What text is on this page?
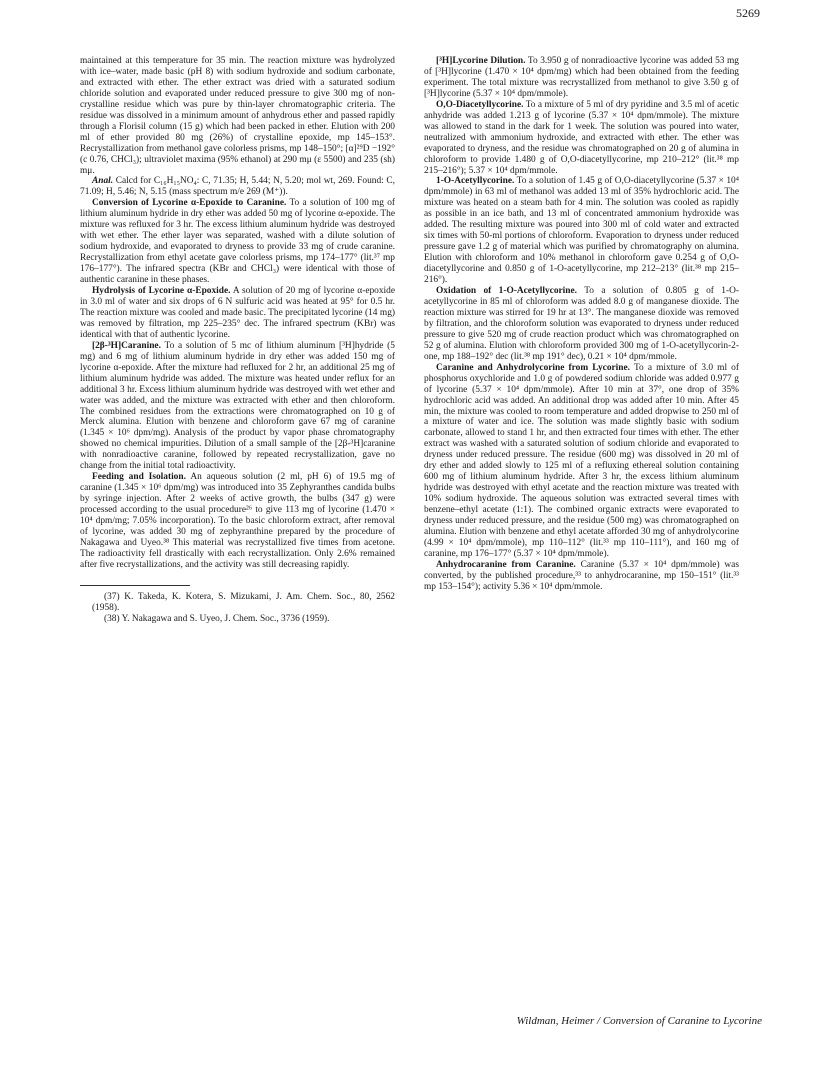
5269

maintained at this temperature for 35 min. The reaction mixture was hydrolyzed with ice–water, made basic (pH 8) with sodium hydroxide and sodium carbonate, and extracted with ether. The ether extract was dried with a saturated sodium chloride solution and evaporated under reduced pressure to give 300 mg of non-crystalline residue which was pure by thin-layer chromatographic criteria. The residue was dissolved in a minimum amount of anhydrous ether and passed rapidly through a Florisil column (15 g) which had been packed in ether. Elution with 200 ml of ether provided 80 mg (26%) of crystalline epoxide, mp 145–153°. Recrystallization from methanol gave colorless prisms, mp 148–150°; [α]²⁹D −192° (c 0.76, CHCl₃); ultraviolet maxima (95% ethanol) at 290 mμ (ε 5500) and 235 (sh) mμ.

Anal. Calcd for C₁₆H₁₅NO₄: C, 71.35; H, 5.44; N, 5.20; mol wt, 269. Found: C, 71.09; H, 5.46; N, 5.15 (mass spectrum m/e 269 (M⁺)).

Conversion of Lycorine α-Epoxide to Caranine. To a solution of 100 mg of lithium aluminum hydride in dry ether was added 50 mg of lycorine α-epoxide. The mixture was refluxed for 3 hr. The excess lithium aluminum hydride was destroyed with wet ether. The ether layer was separated, washed with a dilute solution of sodium hydroxide, and evaporated to dryness to provide 33 mg of crude caranine. Recrystallization from ethyl acetate gave colorless prisms, mp 174–177° (lit.³⁷ mp 176–177°). The infrared spectra (KBr and CHCl₃) were identical with those of authentic caranine in these phases.

Hydrolysis of Lycorine α-Epoxide. A solution of 20 mg of lycorine α-epoxide in 3.0 ml of water and six drops of 6 N sulfuric acid was heated at 95° for 0.5 hr. The reaction mixture was cooled and made basic. The precipitated lycorine (14 mg) was removed by filtration, mp 225–235° dec. The infrared spectrum (KBr) was identical with that of authentic lycorine.

[2β-³H]Caranine. To a solution of 5 mc of lithium aluminum [³H]hydride (5 mg) and 6 mg of lithium aluminum hydride in dry ether was added 150 mg of lycorine α-epoxide. After the mixture had refluxed for 2 hr, an additional 25 mg of lithium aluminum hydride was added. The mixture was heated under reflux for an additional 3 hr. Excess lithium aluminum hydride was destroyed with wet ether and water was added, and the mixture was extracted with ether and then chloroform. The combined residues from the extractions were chromatographed on 10 g of Merck alumina. Elution with benzene and chloroform gave 67 mg of caranine (1.345 × 10⁶ dpm/mg). Analysis of the product by vapor phase chromatography showed no chemical impurities. Dilution of a small sample of the [2β-³H]caranine with nonradioactive caranine, followed by repeated recrystallization, gave no change from the initial total radioactivity.

Feeding and Isolation. An aqueous solution (2 ml, pH 6) of 19.5 mg of caranine (1.345 × 10⁶ dpm/mg) was introduced into 35 Zephyranthes candida bulbs by syringe injection. After 2 weeks of active growth, the bulbs (347 g) were processed according to the usual procedure²⁶ to give 113 mg of lycorine (1.470 × 10⁴ dpm/mg; 7.05% incorporation). To the basic chloroform extract, after removal of lycorine, was added 30 mg of zephyranthine prepared by the procedure of Nakagawa and Uyeo.³⁸ This material was recrystallized five times from acetone. The radioactivity fell drastically with each recrystallization. Only 2.6% remained after five recrystallizations, and the activity was still decreasing rapidly.

(37) K. Takeda, K. Kotera, S. Mizukami, J. Am. Chem. Soc., 80, 2562 (1958).

(38) Y. Nakagawa and S. Uyeo, J. Chem. Soc., 3736 (1959).

[³H]Lycorine Dilution. To 3.950 g of nonradioactive lycorine was added 53 mg of [³H]lycorine (1.470 × 10⁴ dpm/mg) which had been obtained from the feeding experiment. The total mixture was recrystallized from methanol to give 3.50 g of [³H]lycorine (5.37 × 10⁴ dpm/mmole).

O,O-Diacetyllycorine. To a mixture of 5 ml of dry pyridine and 3.5 ml of acetic anhydride was added 1.213 g of lycorine (5.37 × 10⁴ dpm/mmole). The mixture was allowed to stand in the dark for 1 week. The solution was poured into water, neutralized with ammonium hydroxide, and extracted with ether. The ether was evaporated to dryness, and the residue was chromatographed on 20 g of alumina in chloroform to provide 1.480 g of O,O-diacetyllycorine, mp 210–212° (lit.³⁸ mp 215–216°); 5.37 × 10⁴ dpm/mmole.

1-O-Acetyllycorine. To a solution of 1.45 g of O,O-diacetyllycorine (5.37 × 10⁴ dpm/mmole) in 63 ml of methanol was added 13 ml of 35% hydrochloric acid. The mixture was heated on a steam bath for 4 min. The solution was cooled as rapidly as possible in an ice bath, and 13 ml of concentrated ammonium hydroxide was added. The resulting mixture was poured into 300 ml of cold water and extracted six times with 50-ml portions of chloroform. Evaporation to dryness under reduced pressure gave 1.2 g of material which was purified by chromatography on alumina. Elution with chloroform and 10% methanol in chloroform gave 0.254 g of O,O-diacetyllycorine and 0.850 g of 1-O-acetyllycorine, mp 212–213° (lit.³⁸ mp 215–216°).

Oxidation of 1-O-Acetyllycorine. To a solution of 0.805 g of 1-O-acetyllycorine in 85 ml of chloroform was added 8.0 g of manganese dioxide. The reaction mixture was stirred for 19 hr at 13°. The manganese dioxide was removed by filtration, and the chloroform solution was evaporated to dryness under reduced pressure to give 520 mg of crude reaction product which was chromatographed on 52 g of alumina. Elution with chloroform provided 300 mg of 1-O-acetyllycorin-2-one, mp 188–192° dec (lit.³⁸ mp 191° dec), 0.21 × 10⁴ dpm/mmole.

Caranine and Anhydrolycorine from Lycorine. To a mixture of 3.0 ml of phosphorus oxychloride and 1.0 g of powdered sodium chloride was added 0.977 g of lycorine (5.37 × 10⁴ dpm/mmole). After 10 min at 37°, one drop of 35% hydrochloric acid was added. An additional drop was added after 10 min. After 45 min, the mixture was cooled to room temperature and added dropwise to 250 ml of a mixture of water and ice. The solution was made slightly basic with sodium carbonate, allowed to stand 1 hr, and then extracted four times with ether. The ether extract was washed with a saturated solution of sodium chloride and evaporated to dryness under reduced pressure. The residue (600 mg) was dissolved in 20 ml of dry ether and added slowly to 125 ml of a refluxing ethereal solution containing 600 mg of lithium aluminum hydride. After 3 hr, the excess lithium aluminum hydride was destroyed with ethyl acetate and the reaction mixture was treated with 10% sodium hydroxide. The aqueous solution was extracted several times with benzene–ethyl acetate (1:1). The combined organic extracts were evaporated to dryness under reduced pressure, and the residue (500 mg) was chromatographed on alumina. Elution with benzene and ethyl acetate afforded 30 mg of anhydrolycorine (4.99 × 10⁴ dpm/mmole), mp 110–112° (lit.³³ mp 110–111°), and 160 mg of caranine, mp 176–177° (5.37 × 10⁴ dpm/mmole).

Anhydrocaranine from Caranine. Caranine (5.37 × 10⁴ dpm/mmole) was converted, by the published procedure,³³ to anhydrocaranine, mp 150–151° (lit.³³ mp 153–154°); activity 5.36 × 10⁴ dpm/mmole.

Wildman, Heimer / Conversion of Caranine to Lycorine
